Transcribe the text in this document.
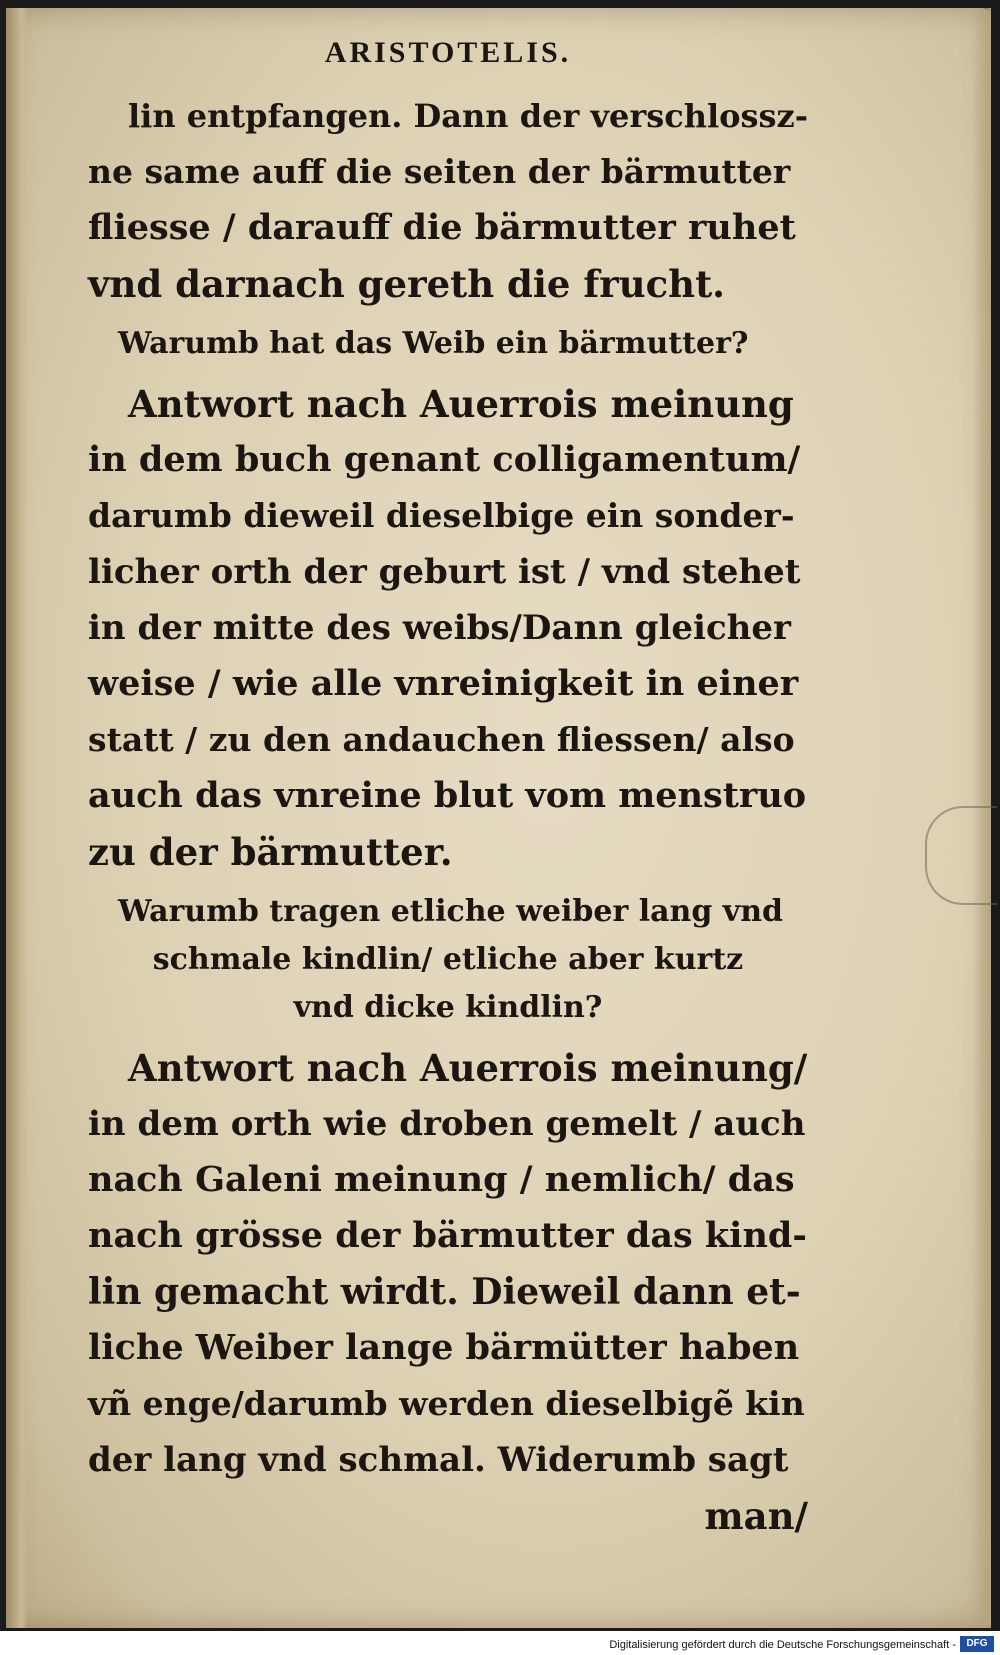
ARISTOTELIS.
lin entpfangen. Dann der verschlossz-
ne same auff die seiten der bärmutter
fliesse / darauff die bärmutter ruhet
vnd darnach gereth die frucht.
Warumb hat das Weib ein bärmutter?
Antwort nach Auerrois meinung
in dem buch genant colligamentum/
darumb dieweil dieselbige ein sonder-
licher orth der geburt ist / vnd stehet
in der mitte des weibs/Dann gleicher
weise / wie alle vnreinigkeit in einer
statt / zu den andauchen fliessen/ also
auch das vnreine blut vom menstruo
zu der bärmutter.
Warumb tragen etliche weiber lang vnd
schmale kindlin/ etliche aber kurtz
vnd dicke kindlin?
Antwort nach Auerrois meinung/
in dem orth wie droben gemelt / auch
nach Galeni meinung / nemlich/ das
nach grösse der bärmutter das kind-
lin gemacht wirdt. Dieweil dann et-
liche Weiber lange bärmütter haben
vñ enge/darumb werden dieselbigẽ kin
der lang vnd schmal. Widerumb sagt
man/
Digitalisierung gefördert durch die Deutsche Forschungsgemeinschaft -	DFG
